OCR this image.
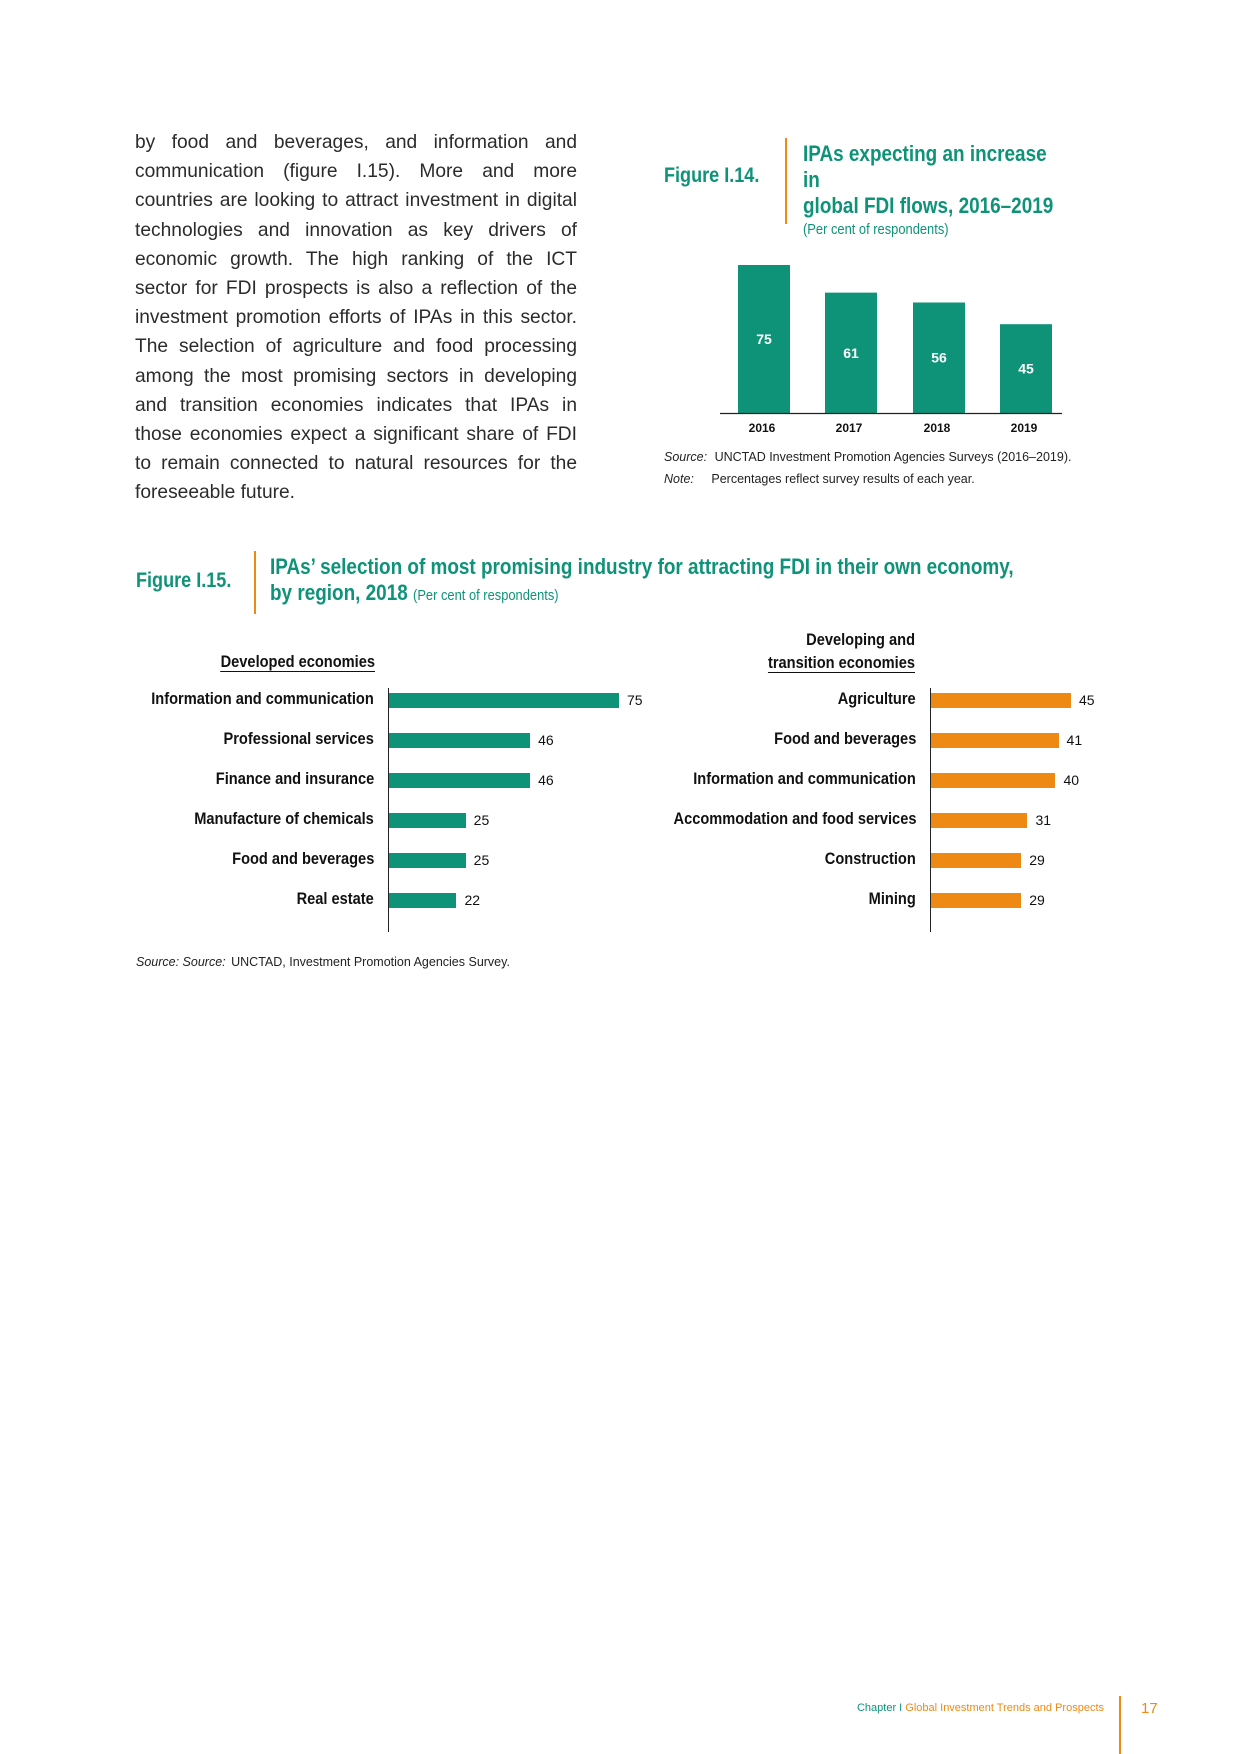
by food and beverages, and information and communication (figure I.15). More and more countries are looking to attract investment in digital technologies and innovation as key drivers of economic growth. The high ranking of the ICT sector for FDI prospects is also a reflection of the investment promotion efforts of IPAs in this sector. The selection of agriculture and food processing among the most promising sectors in developing and transition economies indicates that IPAs in those economies expect a significant share of FDI to remain connected to natural resources for the foreseeable future.
Figure I.14.
IPAs expecting an increase in
global FDI flows, 2016–2019
(Per cent of respondents)
75
2016
61
2017
56
2018
45
2019
Source: UNCTAD Investment Promotion Agencies Surveys (2016–2019).
Note: Percentages reflect survey results of each year.
Figure I.15.
IPAs’ selection of most promising industry for attracting FDI in their own economy,
by region, 2018 (Per cent of respondents)
Developed economies
Developing and
transition economies
Information and communication	75
Professional services	46
Finance and insurance	46
Manufacture of chemicals	25
Food and beverages	25
Real estate	22
Agriculture	45
Food and beverages	41
Information and communication	40
Accommodation and food services	31
Construction	29
Mining	29
Source: Source: UNCTAD, Investment Promotion Agencies Survey.
Chapter I Global Investment Trends and Prospects 17
